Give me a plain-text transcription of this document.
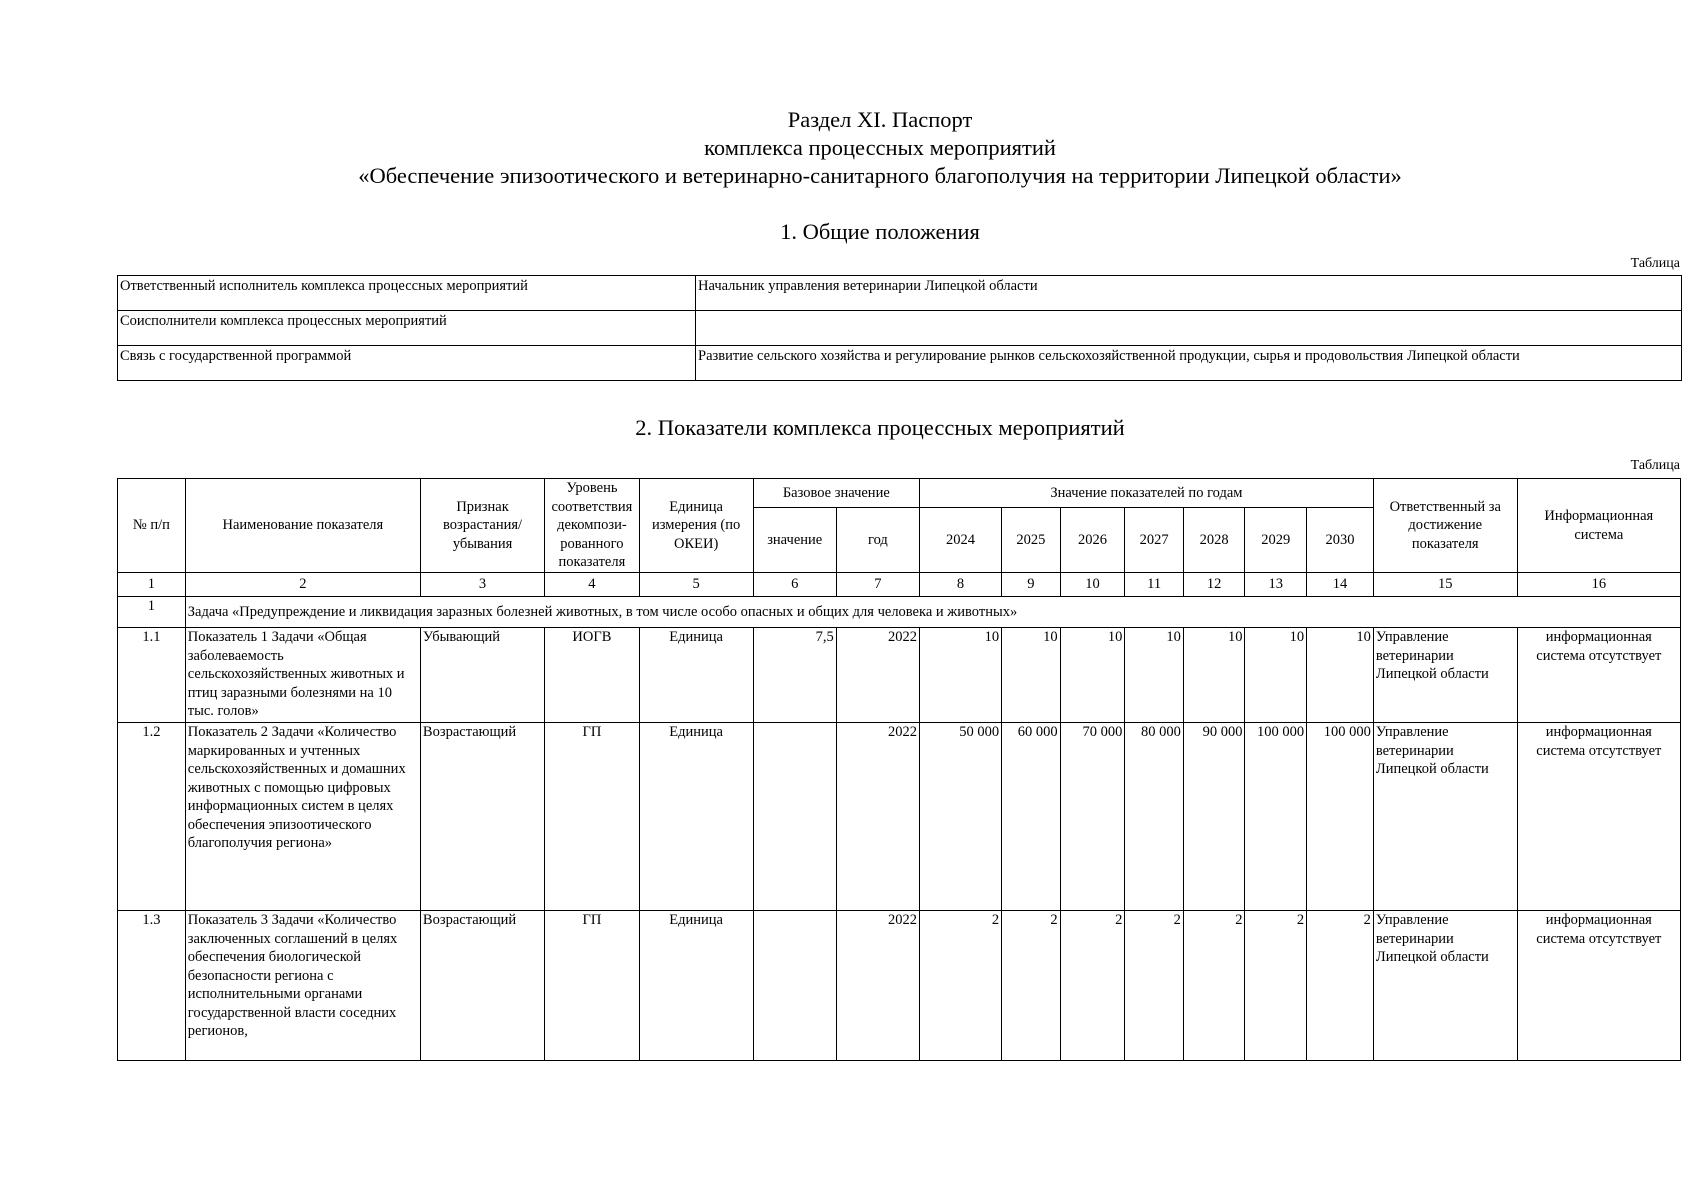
Раздел XI. Паспорт
комплекса процессных мероприятий
«Обеспечение эпизоотического и ветеринарно-санитарного благополучия на территории Липецкой области»
1. Общие положения
Таблица
Ответственный исполнитель комплекса процессных мероприятий	Начальник управления ветеринарии Липецкой области
Соисполнители комплекса процессных мероприятий	
Связь с государственной программой	Развитие сельского хозяйства и регулирование рынков сельскохозяйственной продукции, сырья и продовольствия Липецкой области
2. Показатели комплекса процессных мероприятий
Таблица
№ п/п	Наименование показателя	Признак возрастания/ убывания	Уровень соответствия декомпози-рованного показателя	Единица измерения (по ОКЕИ)	Базовое значение		Значение показателей по годам							Ответственный за достижение показателя	Информационная система
					значение	год	2024	2025	2026	2027	2028	2029	2030		
1	2	3	4	5	6	7	8	9	10	11	12	13	14	15	16
1	Задача «Предупреждение и ликвидация заразных болезней животных, в том числе особо опасных и общих для человека и животных»														
1.1	Показатель 1 Задачи «Общая заболеваемость сельскохозяйственных животных и птиц заразными болезнями на 10 тыс. голов»	Убывающий	ИОГВ	Единица	7,5	2022	10	10	10	10	10	10	10	Управление ветеринарии Липецкой области	информационная система отсутствует
1.2	Показатель 2 Задачи «Количество маркированных и учтенных сельскохозяйственных и домашних животных с помощью цифровых информационных систем в целях обеспечения эпизоотического благополучия региона»	Возрастающий	ГП	Единица		2022	50 000	60 000	70 000	80 000	90 000	100 000	100 000	Управление ветеринарии Липецкой области	информационная система отсутствует
1.3	Показатель 3 Задачи «Количество заключенных соглашений в целях обеспечения биологической безопасности региона с исполнительными органами государственной власти соседних регионов,	Возрастающий	ГП	Единица		2022	2	2	2	2	2	2	2	Управление ветеринарии Липецкой области	информационная система отсутствует
